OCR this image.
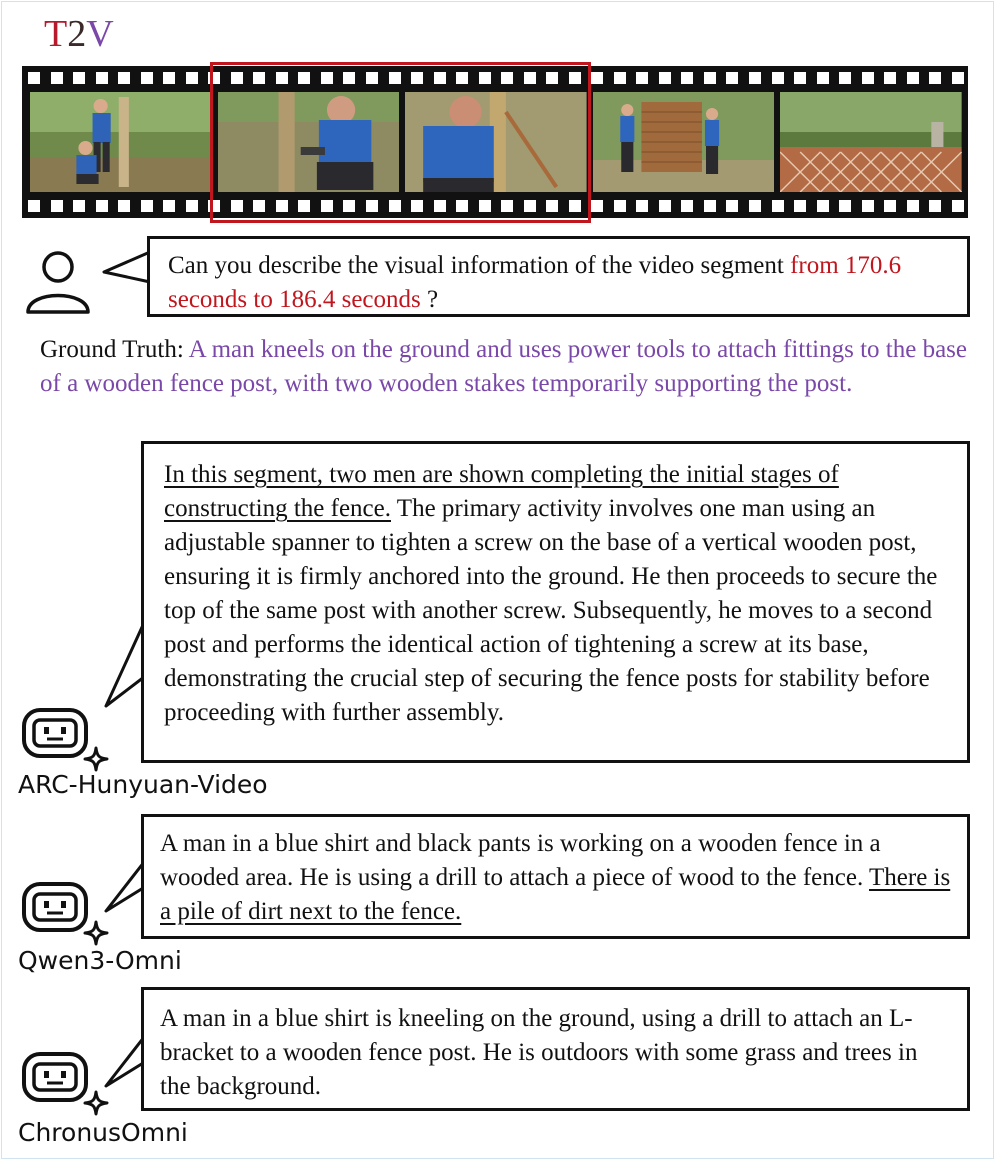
T2V
Can you describe the visual information of the video segment from 170.6 seconds to 186.4 seconds ?
Ground Truth: A man kneels on the ground and uses power tools to attach fittings to the base of a wooden fence post, with two wooden stakes temporarily supporting the post.
In this segment, two men are shown completing the initial stages of constructing the fence. The primary activity involves one man using an adjustable spanner to tighten a screw on the base of a vertical wooden post, ensuring it is firmly anchored into the ground. He then proceeds to secure the top of the same post with another screw. Subsequently, he moves to a second post and performs the identical action of tightening a screw at its base, demonstrating the crucial step of securing the fence posts for stability before proceeding with further assembly.
ARC-Hunyuan-Video
A man in a blue shirt and black pants is working on a wooden fence in a wooded area. He is using a drill to attach a piece of wood to the fence. There is a pile of dirt next to the fence.
Qwen3-Omni
A man in a blue shirt is kneeling on the ground, using a drill to attach an L-bracket to a wooden fence post. He is outdoors with some grass and trees in the background.
ChronusOmni
